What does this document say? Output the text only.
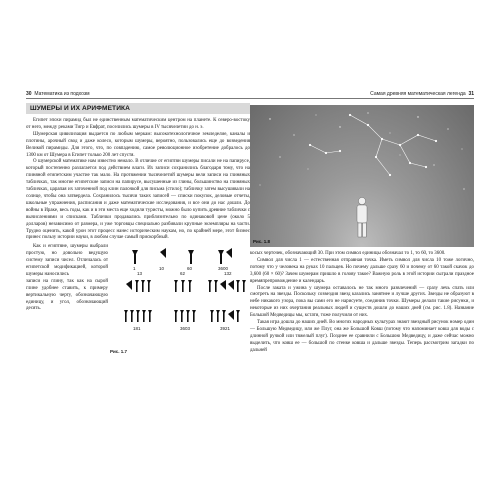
30 Математика из подхозм
ШУМЕРЫ И ИХ АРИФМЕТИКА

Египет эпохи пирамид был не единственным математическим центром на планете. К северо-востоку от него, между реками Тигр и Евфрат, поселились шумеры в IV тысячелетии до н. э.

Шумерская цивилизация выдается по любым меркам: высокотехнологичное земледелие, каналы и плотины, арочный свод и даже колесо, которым шумеры, вероятно, пользовались еще до возведения Великой пирамиды. Для этого, что, по совпадению, самое революционное изобретение добралось до 1300 км от Шумера в Египет только 200 лет спустя.

О шумерской математике нам известно немало. В отличие от египтян шумеры писали не на папирусе, который постепенно разлагается под действием влаги. Их записи сохранились благодаря тому, что на глиняной египетским участие так мало. На протяжении тысячелетий шумеры вели записи на глиняных табличках, так многие египетские записи на папирусе, высушенные из глины, большинство на глиняных табличках, царапая их заточенной под клин палочкой для письма (стило); табличку затем высушивали на солнце, чтобы она затвердела. Сохранилось тысячи таких записей — списки покупок, деловые отчеты, школьные упражнения, расписания и даже математические исследования, и все они до нас дошли. До войны в Ираке, весь годы, как и в эти места еще ходили туристы, можно было купить древние таблички с вычислениями и списками. Таблички продавались приблизительно по одинаковой цене (около 5 долларов) независимо от размера, и уже торговцы специально разбивали крупные экземпляры на части. Трудно оценить, какой урон этот процесс нанес историческим наукам, но, по крайней мере, этот бизнес принес пользу истории науки, в любом случае самый прискорбный.

Как и египтяне, шумеры выбрали простую, но довольно ведущую систему записи чисел. Отличалась от египетской модификацией, которой шумеры наносились

записи на глину, так как на сырой глине удобнее ставить, к примеру вертикальную черту, обозначающую единицу, и угол, обозначающий десять.

1	10	60	3600
13	62	132
181	3603	3921
Рис. 1.7
Самая древняя математическая легенда 31
Рис. 1.8

косых черточек, обозначающий 30. При этом символ единицы обозначал то 1, то 60, то 3600.

Символ для числа 1 — естественная отправная точка. Иметь символ для числа 10 тоже логично, потому что у человека на руках 10 пальцев. Но почему дальше сразу 60 и почему от 60 такой скачок до 3,600 (60 × 60)? Зачем шумерам пришло в голову такое? Важную роль в этой истории сыграли праздное времяпрепровождение и календарь.

После заката и ужина у шумера оставалось не так много развлечений — сразу лечь спать или смотреть на звезды. Поскольку созвездия звезд казались занятнее и лучше других. Звезды не образуют в небе никакого узора, пока вы сами его не нарисуете, соединив точки. Шумеры делали такие рисунки, и некоторые из них очертания реальных людей и существ дошли до наших дней (см. рис. 1.8). Название Большой Медведицы мы, кстати, тоже получили от них.

Такая игра дошла до наших дней. Во многих народных культурах знают звездный рисунок номер один — Большую Медведицу, или же Плуг, она же Большой Ковш (потому что напоминает ковш для воды с длинной ручкой или тяжелый плуг). Позднее ее сравнили с Большою Медведицу, и даже сейчас можно выделить, что ковш ее — большой по стенке ковша и дальше звезды. Теперь рассмотрим загадки по дальней
